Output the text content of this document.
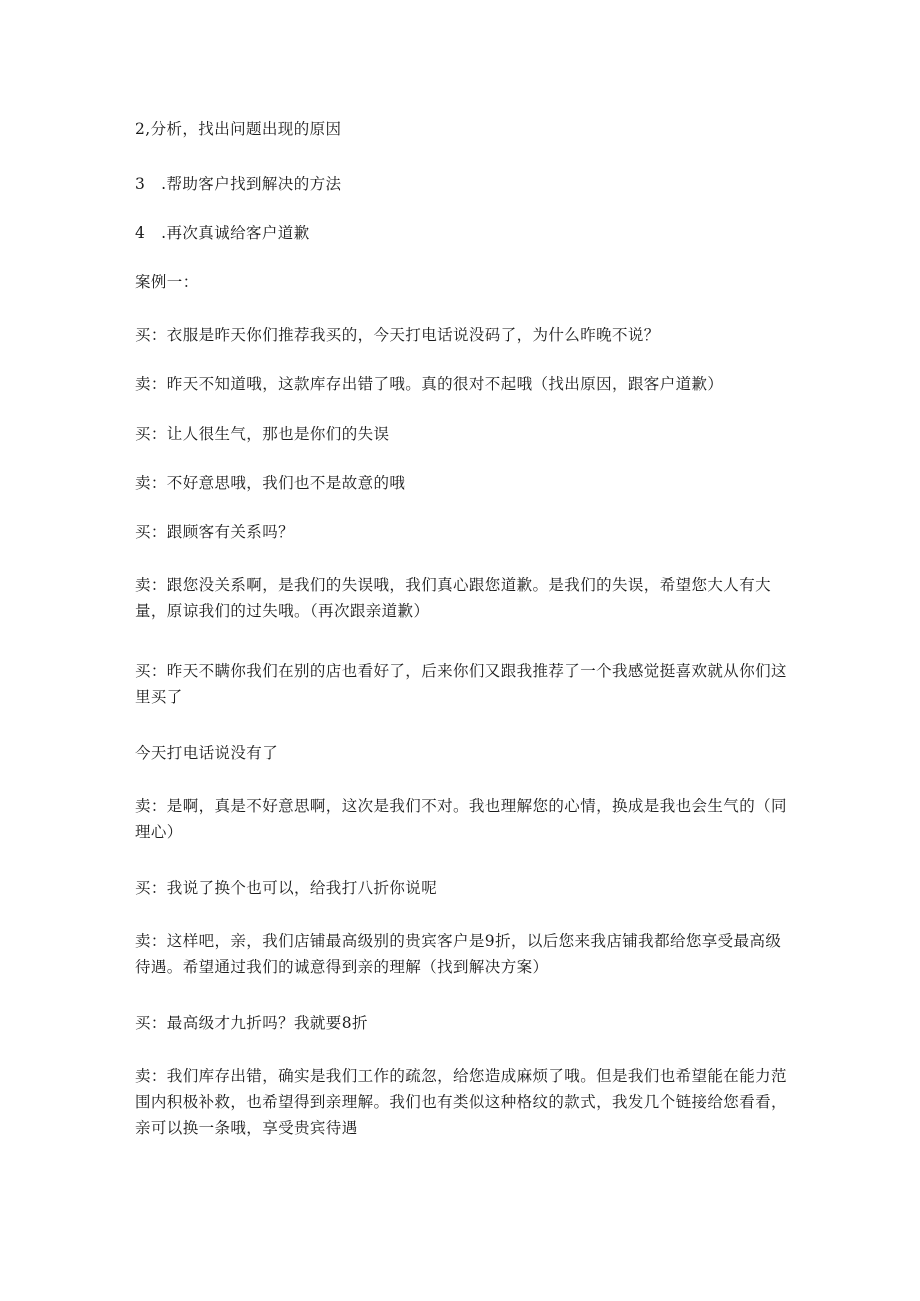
2,分析，找出问题出现的原因

3　.帮助客户找到解决的方法

4　.再次真诚给客户道歉

案例一：

买：衣服是昨天你们推荐我买的，今天打电话说没码了，为什么昨晚不说？

卖：昨天不知道哦，这款库存出错了哦。真的很对不起哦（找出原因，跟客户道歉）

买：让人很生气，那也是你们的失误

卖：不好意思哦，我们也不是故意的哦

买：跟顾客有关系吗？

卖：跟您没关系啊，是我们的失误哦，我们真心跟您道歉。是我们的失误，希望您大人有大量，原谅我们的过失哦。（再次跟亲道歉）

买：昨天不瞒你我们在别的店也看好了，后来你们又跟我推荐了一个我感觉挺喜欢就从你们这里买了

今天打电话说没有了

卖：是啊，真是不好意思啊，这次是我们不对。我也理解您的心情，换成是我也会生气的（同理心）

买：我说了换个也可以，给我打八折你说呢

卖：这样吧，亲，我们店铺最高级别的贵宾客户是9折，以后您来我店铺我都给您享受最高级待遇。希望通过我们的诚意得到亲的理解（找到解决方案）

买：最高级才九折吗？我就要8折

卖：我们库存出错，确实是我们工作的疏忽，给您造成麻烦了哦。但是我们也希望能在能力范围内积极补救，也希望得到亲理解。我们也有类似这种格纹的款式，我发几个链接给您看看，亲可以换一条哦，享受贵宾待遇
